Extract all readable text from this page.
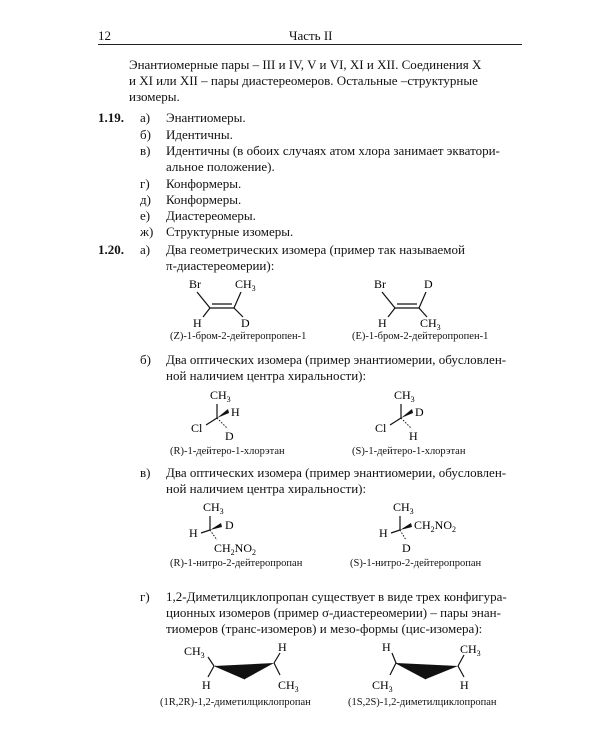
12	Часть II
Энантиомерные пары – III и IV, V и VI, XI и XII. Соединения X
и XI или XII – пары диастереомеров. Остальные –структурные
изомеры.
1.19. а) Энантиомеры.
б) Идентичны.
в) Идентичны (в обоих случаях атом хлора занимает экватори-
альное положение).
г) Конформеры.
д) Конформеры.
е) Диастереомеры.
ж) Структурные изомеры.
1.20. а) Два геометрических изомера (пример так называемой
π-диастереомерии):
Br	$CH_3$
H	D
(Z)-1-бром-2-дейтеропропен-1
Br	D
H	$CH_3$
(E)-1-бром-2-дейтеропропен-1
б) Два оптических изомера (пример энантиомерии, обусловлен-
ной наличием центра хиральности):
$CH_3$
Cl
H
D
(R)-1-дейтеро-1-хлорэтан
$CH_3$
Cl
D
H
(S)-1-дейтеро-1-хлорэтан
в) Два оптических изомера (пример энантиомерии, обусловлен-
ной наличием центра хиральности):
$CH_3$
H
D
$CH_2NO_2$
(R)-1-нитро-2-дейтеропропан
$CH_3$
H
$CH_2NO_2$
D
(S)-1-нитро-2-дейтеропропан
г) 1,2-Диметилциклопропан существует в виде трех конфигура-
ционных изомеров (пример σ-диастереомерии) – пары энан-
тиомеров (транс-изомеров) и мезо-формы (цис-изомера):
$CH_3$
H
H
$CH_3$
(1R,2R)-1,2-диметилциклопропан
H
$CH_3$
$CH_3$
H
(1S,2S)-1,2-диметилциклопропан
